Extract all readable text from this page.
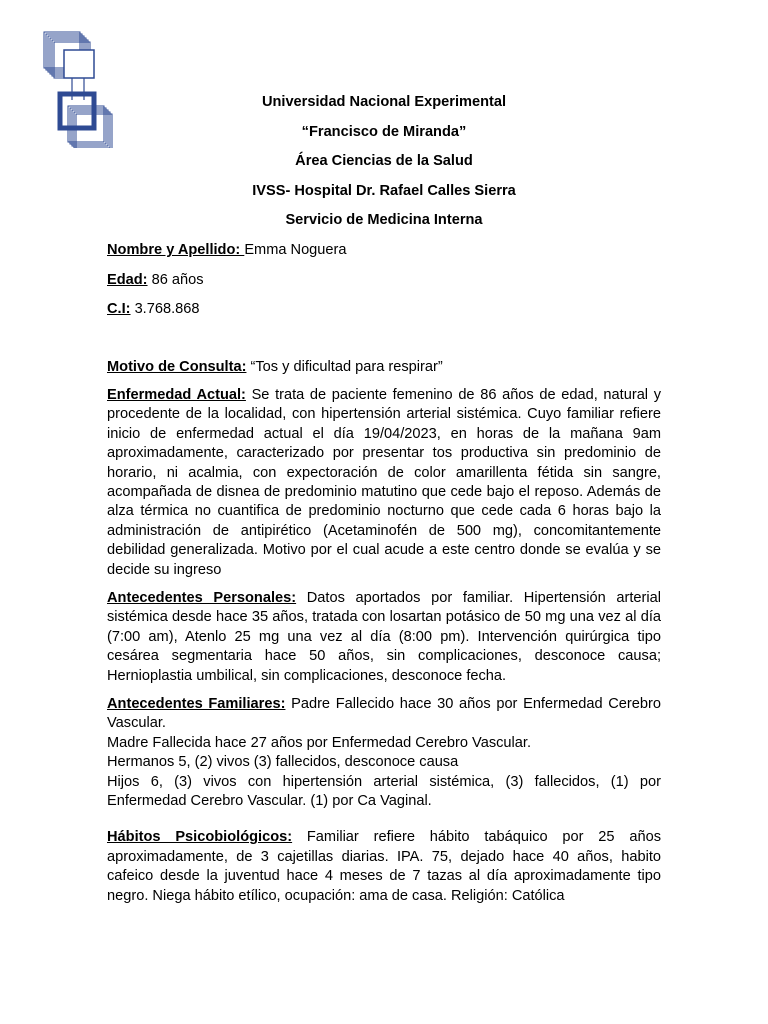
Universidad Nacional Experimental
“Francisco de Miranda”
Área Ciencias de la Salud
IVSS- Hospital Dr. Rafael Calles Sierra
Servicio de Medicina Interna
Nombre y Apellido: Emma Noguera
Edad: 86 años
C.I: 3.768.868

Motivo de Consulta: “Tos y dificultad para respirar”

Enfermedad Actual: Se trata de paciente femenino de 86 años de edad, natural y procedente de la localidad, con hipertensión arterial sistémica. Cuyo familiar refiere inicio de enfermedad actual el día 19/04/2023, en horas de la mañana 9am aproximadamente, caracterizado por presentar tos productiva sin predominio de horario, ni acalmia, con expectoración de color amarillenta fétida sin sangre, acompañada de disnea de predominio matutino que cede bajo el reposo. Además de alza térmica no cuantifica de predominio nocturno que cede cada 6 horas bajo la administración de antipirético (Acetaminofén de 500 mg), concomitantemente debilidad generalizada. Motivo por el cual acude a este centro donde se evalúa y se decide su ingreso

Antecedentes Personales: Datos aportados por familiar. Hipertensión arterial sistémica desde hace 35 años, tratada con losartan potásico de 50 mg una vez al día (7:00 am), Atenlo 25 mg una vez al día (8:00 pm). Intervención quirúrgica tipo cesárea segmentaria hace 50 años, sin complicaciones, desconoce causa; Hernioplastia umbilical, sin complicaciones, desconoce fecha.

Antecedentes Familiares: Padre Fallecido hace 30 años por Enfermedad Cerebro Vascular.

Madre Fallecida hace 27 años por Enfermedad Cerebro Vascular.

Hermanos 5, (2) vivos (3) fallecidos, desconoce causa

Hijos 6, (3) vivos con hipertensión arterial sistémica, (3) fallecidos, (1) por Enfermedad Cerebro Vascular. (1) por Ca Vaginal.

Hábitos Psicobiológicos: Familiar refiere hábito tabáquico por 25 años aproximadamente, de 3 cajetillas diarias. IPA. 75, dejado hace 40 años, habito cafeico desde la juventud hace 4 meses de 7 tazas al día aproximadamente tipo negro. Niega hábito etílico, ocupación: ama de casa. Religión: Católica
